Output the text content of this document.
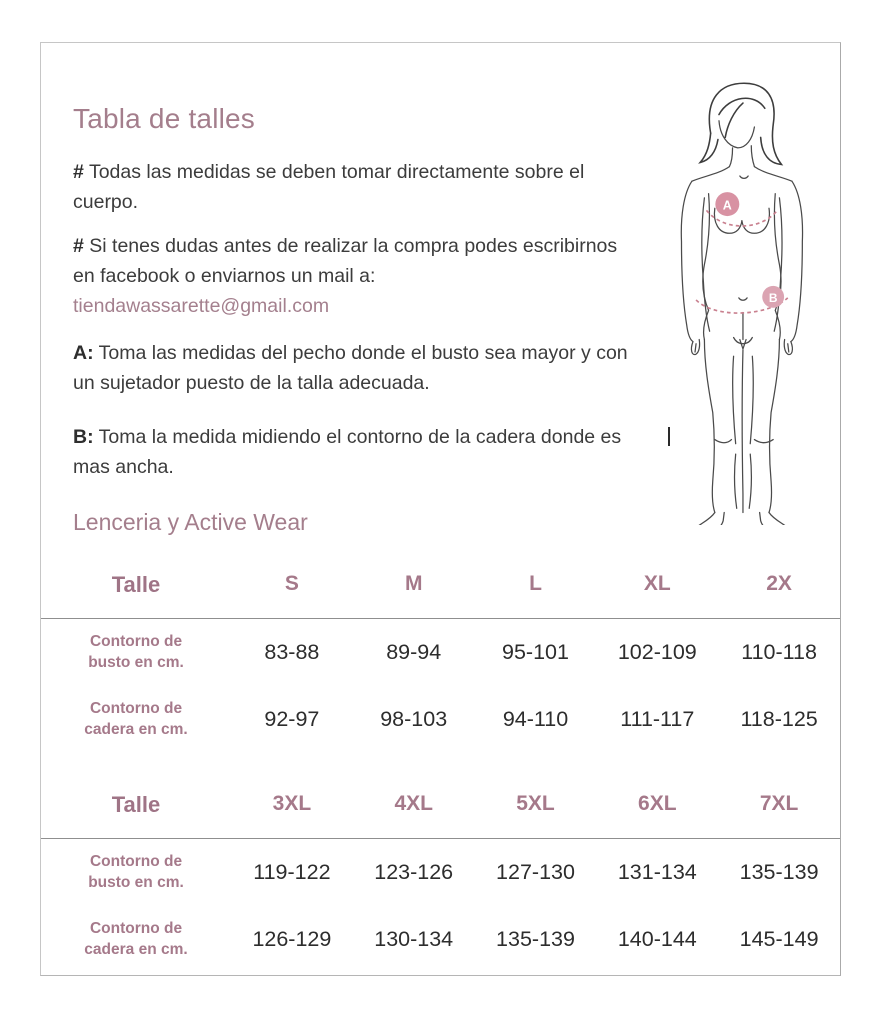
Tabla de talles

# Todas las medidas se deben tomar directamente sobre el cuerpo.

# Si tenes dudas antes de realizar la compra podes escribirnos en facebook o enviarnos un mail a:
tiendawassarette@gmail.com

A: Toma las medidas del pecho donde el busto sea mayor y con un sujetador puesto de la talla adecuada.

B: Toma la medida midiendo el contorno de la cadera donde es mas ancha.

A
B
Lenceria y Active Wear
Talle	S	M	L	XL	2X
Contorno de busto en cm.	83-88	89-94	95-101	102-109	110-118
Contorno de cadera en cm.	92-97	98-103	94-110	111-117	118-125
Talle	3XL	4XL	5XL	6XL	7XL
Contorno de busto en cm.	119-122	123-126	127-130	131-134	135-139
Contorno de cadera en cm.	126-129	130-134	135-139	140-144	145-149
